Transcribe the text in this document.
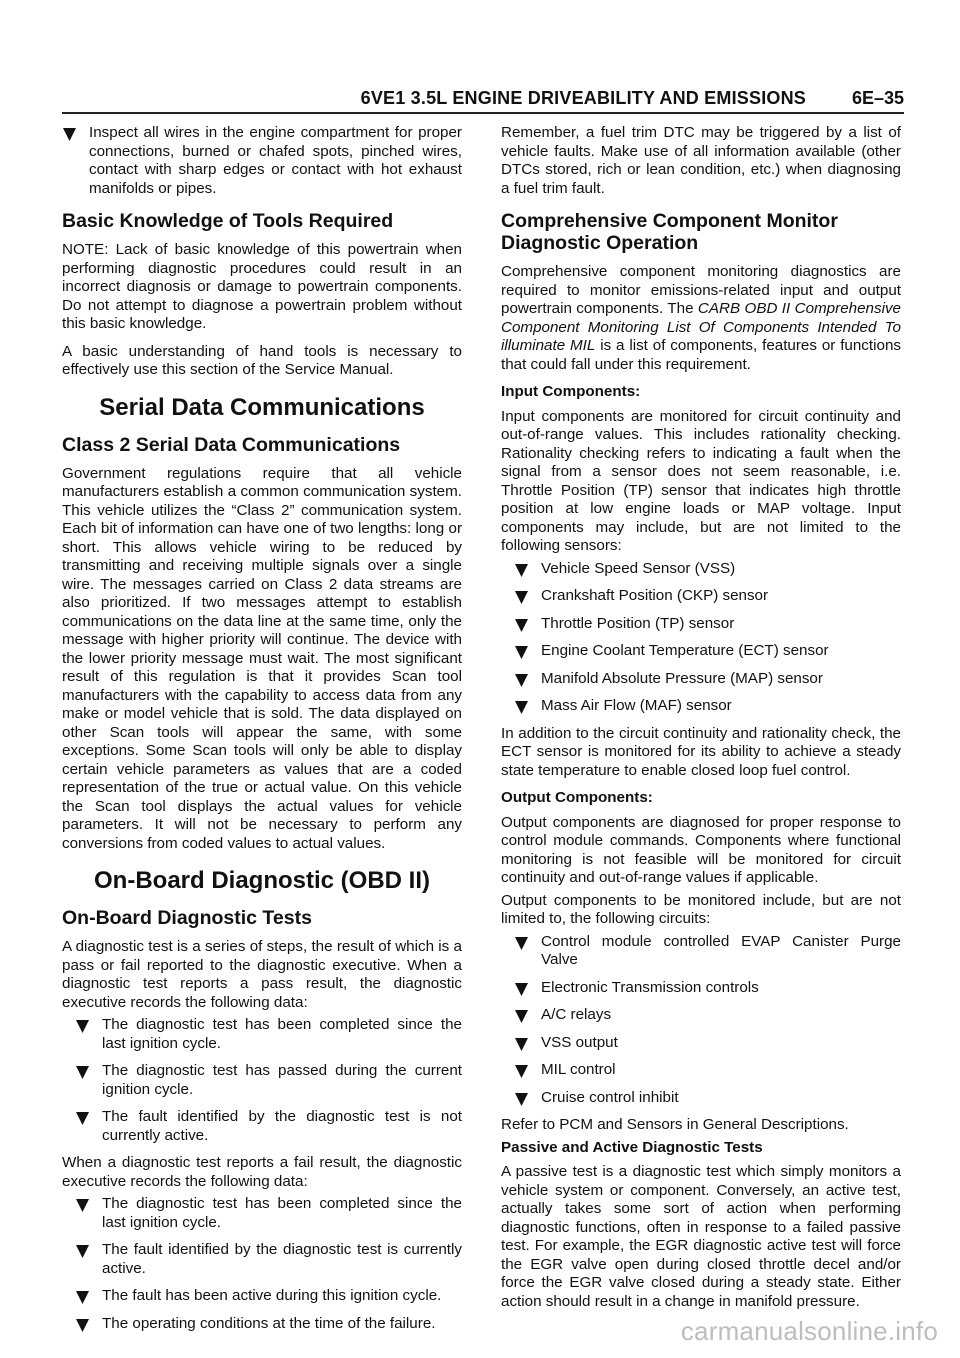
6VE1 3.5L ENGINE DRIVEABILITY AND EMISSIONS	6E–35

Inspect all wires in the engine compartment for proper connections, burned or chafed spots, pinched wires, contact with sharp edges or contact with hot exhaust manifolds or pipes.

Basic Knowledge of Tools Required

NOTE: Lack of basic knowledge of this powertrain when performing diagnostic procedures could result in an incorrect diagnosis or damage to powertrain components. Do not attempt to diagnose a powertrain problem without this basic knowledge.

A basic understanding of hand tools is necessary to effectively use this section of the Service Manual.

Serial Data Communications
Class 2 Serial Data Communications

Government regulations require that all vehicle manufacturers establish a common communication system. This vehicle utilizes the “Class 2” communication system. Each bit of information can have one of two lengths: long or short. This allows vehicle wiring to be reduced by transmitting and receiving multiple signals over a single wire. The messages carried on Class 2 data streams are also prioritized. If two messages attempt to establish communications on the data line at the same time, only the message with higher priority will continue. The device with the lower priority message must wait. The most significant result of this regulation is that it provides Scan tool manufacturers with the capability to access data from any make or model vehicle that is sold. The data displayed on other Scan tools will appear the same, with some exceptions. Some Scan tools will only be able to display certain vehicle parameters as values that are a coded representation of the true or actual value. On this vehicle the Scan tool displays the actual values for vehicle parameters. It will not be necessary to perform any conversions from coded values to actual values.

On-Board Diagnostic (OBD II)
On-Board Diagnostic Tests

A diagnostic test is a series of steps, the result of which is a pass or fail reported to the diagnostic executive. When a diagnostic test reports a pass result, the diagnostic executive records the following data:

The diagnostic test has been completed since the last ignition cycle.

The diagnostic test has passed during the current ignition cycle.

The fault identified by the diagnostic test is not currently active.

When a diagnostic test reports a fail result, the diagnostic executive records the following data:

The diagnostic test has been completed since the last ignition cycle.

The fault identified by the diagnostic test is currently active.

The fault has been active during this ignition cycle.

The operating conditions at the time of the failure.

Remember, a fuel trim DTC may be triggered by a list of vehicle faults. Make use of all information available (other DTCs stored, rich or lean condition, etc.) when diagnosing a fuel trim fault.

Comprehensive Component Monitor Diagnostic Operation

Comprehensive component monitoring diagnostics are required to monitor emissions-related input and output powertrain components. The CARB OBD II Comprehensive Component Monitoring List Of Components Intended To illuminate MIL is a list of components, features or functions that could fall under this requirement.

Input Components:

Input components are monitored for circuit continuity and out-of-range values. This includes rationality checking. Rationality checking refers to indicating a fault when the signal from a sensor does not seem reasonable, i.e. Throttle Position (TP) sensor that indicates high throttle position at low engine loads or MAP voltage. Input components may include, but are not limited to the following sensors:

Vehicle Speed Sensor (VSS)

Crankshaft Position (CKP) sensor

Throttle Position (TP) sensor

Engine Coolant Temperature (ECT) sensor

Manifold Absolute Pressure (MAP) sensor

Mass Air Flow (MAF) sensor

In addition to the circuit continuity and rationality check, the ECT sensor is monitored for its ability to achieve a steady state temperature to enable closed loop fuel control.

Output Components:

Output components are diagnosed for proper response to control module commands. Components where functional monitoring is not feasible will be monitored for circuit continuity and out-of-range values if applicable.

Output components to be monitored include, but are not limited to, the following circuits:

Control module controlled EVAP Canister Purge Valve

Electronic Transmission controls

A/C relays

VSS output

MIL control

Cruise control inhibit

Refer to PCM and Sensors in General Descriptions.

Passive and Active Diagnostic Tests

A passive test is a diagnostic test which simply monitors a vehicle system or component. Conversely, an active test, actually takes some sort of action when performing diagnostic functions, often in response to a failed passive test. For example, the EGR diagnostic active test will force the EGR valve open during closed throttle decel and/or force the EGR valve closed during a steady state. Either action should result in a change in manifold pressure.

carmanualsonline.info
